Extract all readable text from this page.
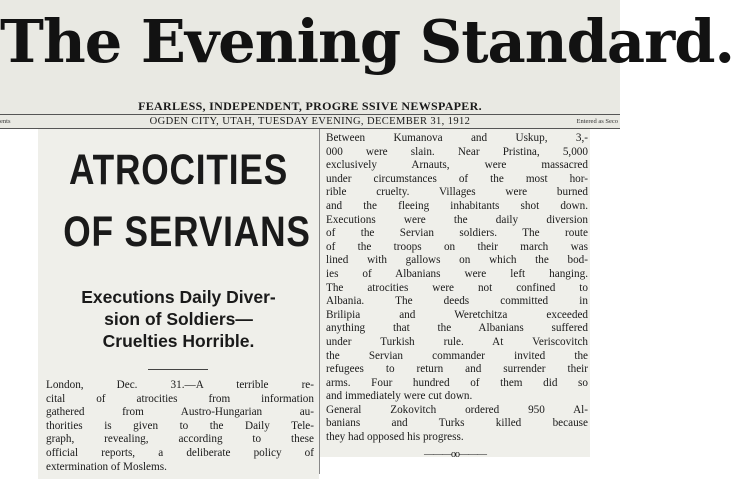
The Evening Standard.
FEARLESS, INDEPENDENT, PROGRE SSIVE NEWSPAPER.
OGDEN CITY, UTAH, TUESDAY EVENING, DECEMBER 31, 1912
ents	Entered as Seco
ATROCITIES
OF SERVIANS
Executions Daily Diver-
sion of Soldiers—
Cruelties Horrible.
London, Dec. 31.—A terrible re-
cital of atrocities from information
gathered from Austro-Hungarian au-
thorities is given to the Daily Tele-
graph, revealing, according to these
official reports, a deliberate policy of
extermination of Moslems.
Between Kumanova and Uskup, 3,-
000 were slain. Near Pristina, 5,000
exclusively Arnauts, were massacred
under circumstances of the most hor-
rible cruelty. Villages were burned
and the fleeing inhabitants shot down.
Executions were the daily diversion
of the Servian soldiers. The route
of the troops on their march was
lined with gallows on which the bod-
ies of Albanians were left hanging.
The atrocities were not confined to
Albania. The deeds committed in
Brilipia and Weretchitza exceeded
anything that the Albanians suffered
under Turkish rule. At Veriscovitch
the Servian commander invited the
refugees to return and surrender their
arms. Four hundred of them did so
and immediately were cut down.
General Zokovitch ordered 950 Al-
banians and Turks killed because
they had opposed his progress.
———oo———
